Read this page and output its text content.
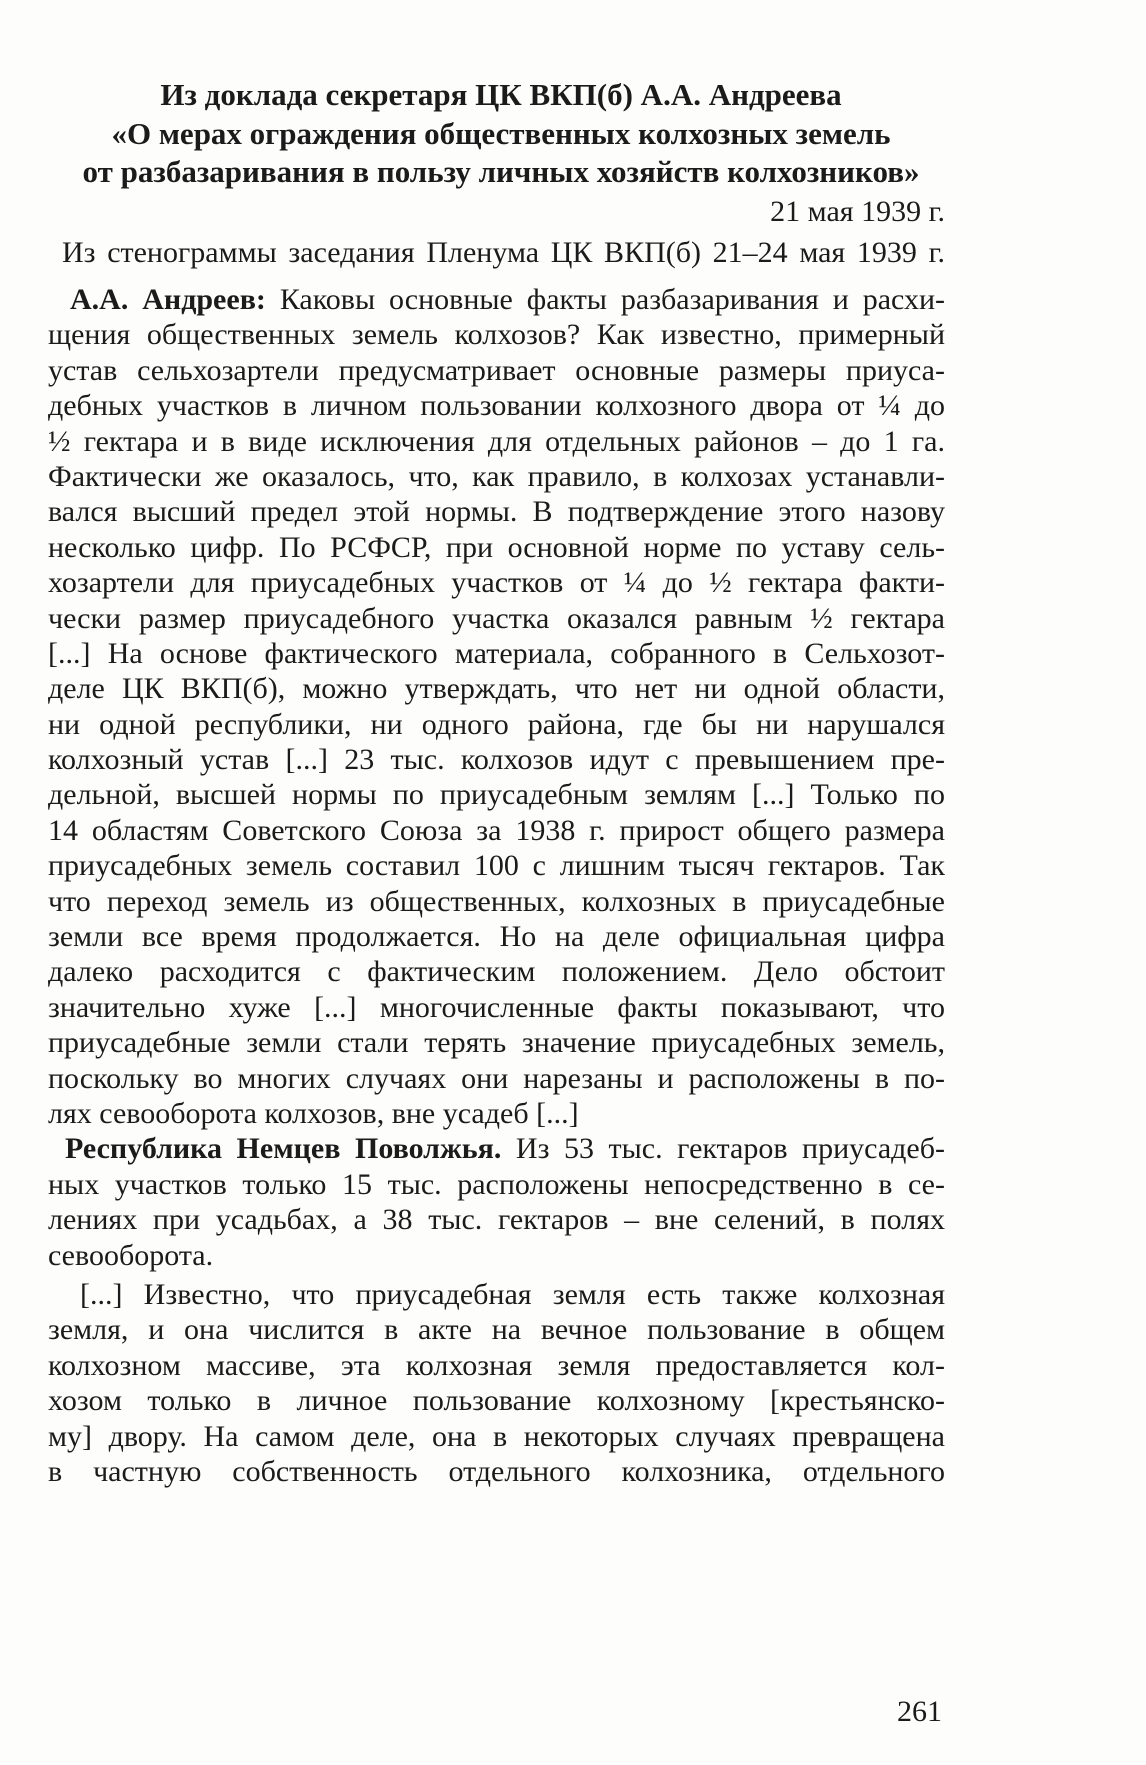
Из доклада секретаря ЦК ВКП(б) А.А. Андреева
«О мерах ограждения общественных колхозных земель
от разбазаривания в пользу личных хозяйств колхозников»
21 мая 1939 г.
Из стенограммы заседания Пленума ЦК ВКП(б) 21–24 мая 1939 г.
А.А. Андреев: Каковы основные факты разбазаривания и расхи-
щения общественных земель колхозов? Как известно, примерный
устав сельхозартели предусматривает основные размеры приуса-
дебных участков в личном пользовании колхозного двора от ¼ до
½ гектара и в виде исключения для отдельных районов – до 1 га.
Фактически же оказалось, что, как правило, в колхозах устанавли-
вался высший предел этой нормы. В подтверждение этого назову
несколько цифр. По РСФСР, при основной норме по уставу сель-
хозартели для приусадебных участков от ¼ до ½ гектара факти-
чески размер приусадебного участка оказался равным ½ гектара
[...] На основе фактического материала, собранного в Сельхозот-
деле ЦК ВКП(б), можно утверждать, что нет ни одной области,
ни одной республики, ни одного района, где бы ни нарушался
колхозный устав [...] 23 тыс. колхозов идут с превышением пре-
дельной, высшей нормы по приусадебным землям [...] Только по
14 областям Советского Союза за 1938 г. прирост общего размера
приусадебных земель составил 100 с лишним тысяч гектаров. Так
что переход земель из общественных, колхозных в приусадебные
земли все время продолжается. Но на деле официальная цифра
далеко расходится с фактическим положением. Дело обстоит
значительно хуже [...] многочисленные факты показывают, что
приусадебные земли стали терять значение приусадебных земель,
поскольку во многих случаях они нарезаны и расположены в по-
лях севооборота колхозов, вне усадеб [...]
Республика Немцев Поволжья. Из 53 тыс. гектаров приусадеб-
ных участков только 15 тыс. расположены непосредственно в се-
лениях при усадьбах, а 38 тыс. гектаров – вне селений, в полях
севооборота.
[...] Известно, что приусадебная земля есть также колхозная
земля, и она числится в акте на вечное пользование в общем
колхозном массиве, эта колхозная земля предоставляется кол-
хозом только в личное пользование колхозному [крестьянско-
му] двору. На самом деле, она в некоторых случаях превращена
в частную собственность отдельного колхозника, отдельного
261
